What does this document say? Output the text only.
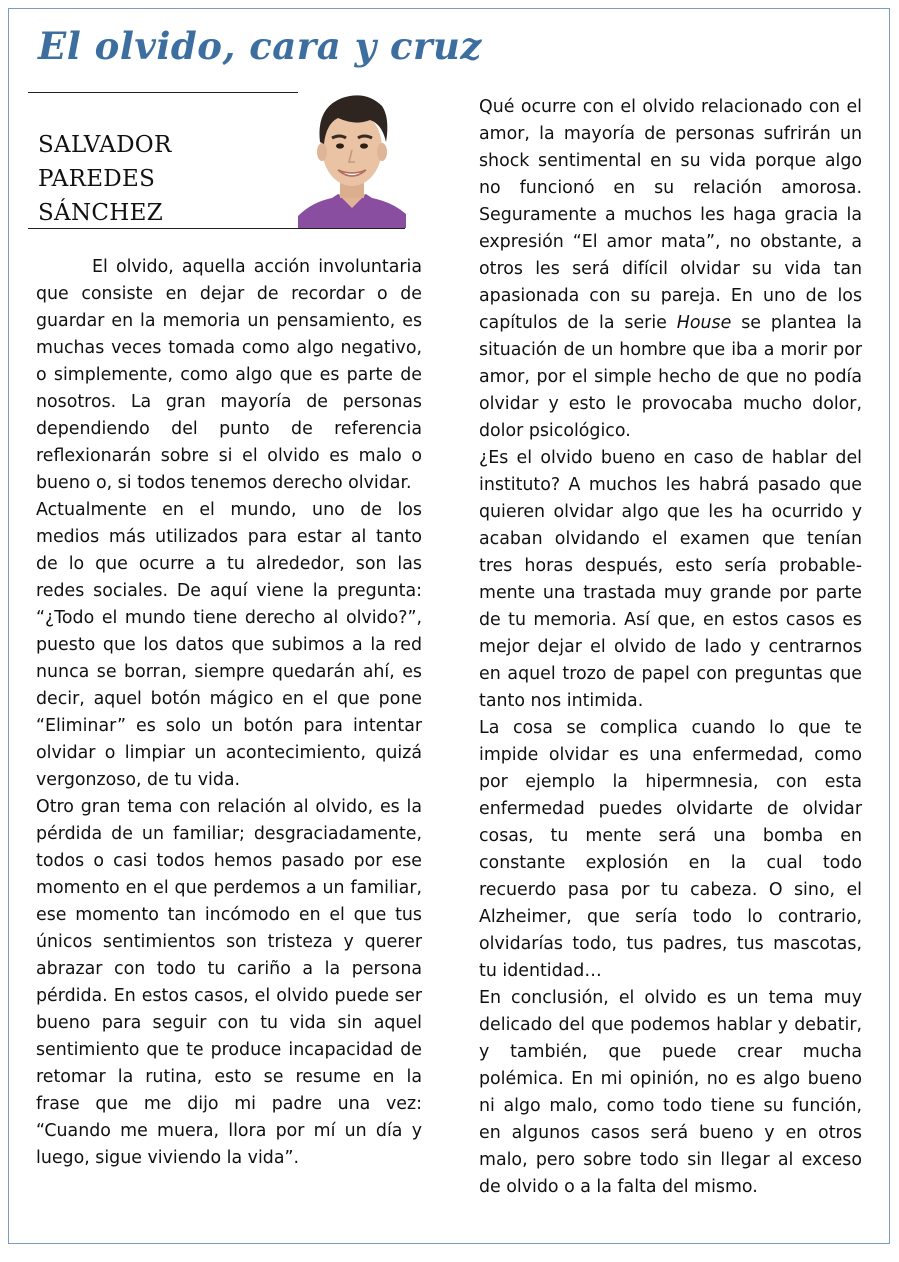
El olvido, cara y cruz
SALVADOR
PAREDES
SÁNCHEZ

El olvido, aquella acción involuntaria que consiste en dejar de recordar o de guardar en la memoria un pensamiento, es muchas veces tomada como algo negativo, o simplemente, como algo que es parte de nosotros. La gran mayoría de personas dependiendo del punto de referencia reflexionarán sobre si el olvido es malo o bueno o, si todos tenemos derecho olvidar.

Actualmente en el mundo, uno de los medios más utilizados para estar al tanto de lo que ocurre a tu alrededor, son las redes sociales. De aquí viene la pregunta: “¿Todo el mundo tiene derecho al olvido?”, puesto que los datos que subimos a la red nunca se borran, siempre quedarán ahí, es decir, aquel botón mágico en el que pone “Eliminar” es solo un botón para intentar olvidar o limpiar un acontecimiento, quizá vergonzoso, de tu vida.

Otro gran tema con relación al olvido, es la pérdida de un familiar; desgraciadamente, todos o casi todos hemos pasado por ese momento en el que perdemos a un familiar, ese momento tan incómodo en el que tus únicos sentimientos son tristeza y querer abrazar con todo tu cariño a la persona pérdida. En estos casos, el olvido puede ser bueno para seguir con tu vida sin aquel sentimiento que te produce incapacidad de retomar la rutina, esto se resume en la frase que me dijo mi padre una vez: “Cuando me muera, llora por mí un día y luego, sigue viviendo la vida”.

Qué ocurre con el olvido relacionado con el amor, la mayoría de personas sufrirán un shock sentimental en su vida porque algo no funcionó en su relación amorosa. Seguramente a muchos les haga gracia la expresión “El amor mata”, no obstante, a otros les será difícil olvidar su vida tan apasionada con su pareja. En uno de los capítulos de la serie House se plantea la situación de un hombre que iba a morir por amor, por el simple hecho de que no podía olvidar y esto le provocaba mucho dolor, dolor psicológico.

¿Es el olvido bueno en caso de hablar del instituto? A muchos les habrá pasado que quieren olvidar algo que les ha ocurrido y acaban olvidando el examen que tenían tres horas después, esto sería probable-mente una trastada muy grande por parte de tu memoria. Así que, en estos casos es mejor dejar el olvido de lado y centrarnos en aquel trozo de papel con preguntas que tanto nos intimida.

La cosa se complica cuando lo que te impide olvidar es una enfermedad, como por ejemplo la hipermnesia, con esta enfermedad puedes olvidarte de olvidar cosas, tu mente será una bomba en constante explosión en la cual todo recuerdo pasa por tu cabeza. O sino, el Alzheimer, que sería todo lo contrario, olvidarías todo, tus padres, tus mascotas, tu identidad…

En conclusión, el olvido es un tema muy delicado del que podemos hablar y debatir, y también, que puede crear mucha polémica. En mi opinión, no es algo bueno ni algo malo, como todo tiene su función, en algunos casos será bueno y en otros malo, pero sobre todo sin llegar al exceso de olvido o a la falta del mismo.
